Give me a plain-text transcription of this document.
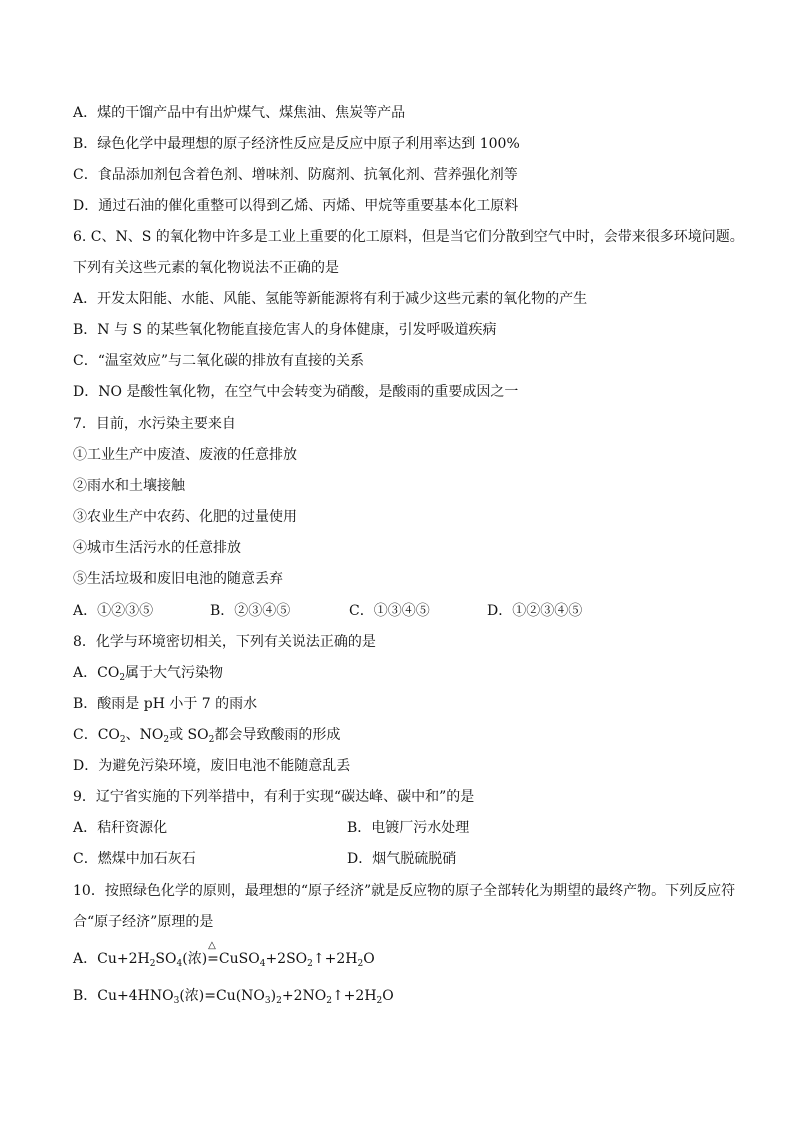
A．煤的干馏产品中有出炉煤气、煤焦油、焦炭等产品
B．绿色化学中最理想的原子经济性反应是反应中原子利用率达到 100%
C．食品添加剂包含着色剂、增味剂、防腐剂、抗氧化剂、营养强化剂等
D．通过石油的催化重整可以得到乙烯、丙烯、甲烷等重要基本化工原料
6. C、N、S 的氧化物中许多是工业上重要的化工原料，但是当它们分散到空气中时，会带来很多环境问题。
下列有关这些元素的氧化物说法不正确的是
A．开发太阳能、水能、风能、氢能等新能源将有利于减少这些元素的氧化物的产生
B．N 与 S 的某些氧化物能直接危害人的身体健康，引发呼吸道疾病
C．“温室效应”与二氧化碳的排放有直接的关系
D．NO 是酸性氧化物，在空气中会转变为硝酸，是酸雨的重要成因之一
7．目前，水污染主要来自
①工业生产中废渣、废液的任意排放
②雨水和土壤接触
③农业生产中农药、化肥的过量使用
④城市生活污水的任意排放
⑤生活垃圾和废旧电池的随意丢弃
A．①②③⑤	B．②③④⑤	C．①③④⑤	D．①②③④⑤
8．化学与环境密切相关，下列有关说法正确的是
A．$CO_2$属于大气污染物
B．酸雨是 pH 小于 7 的雨水
C．$CO_2$、$NO_2$或 $SO_2$都会导致酸雨的形成
D．为避免污染环境，废旧电池不能随意乱丢
9．辽宁省实施的下列举措中，有利于实现“碳达峰、碳中和”的是
A．秸秆资源化	B．电镀厂污水处理
C．燃煤中加石灰石	D．烟气脱硫脱硝
10．按照绿色化学的原则，最理想的“原子经济”就是反应物的原子全部转化为期望的最终产物。下列反应符
合“原子经济”原理的是
A．$Cu+2H_2SO_4$(浓)
△
$=CuSO_4+2SO_2↑+2H_2O$
B．$Cu+4HNO_3$(浓)$=Cu(NO_3)_2+2NO_2↑+2H_2O$
